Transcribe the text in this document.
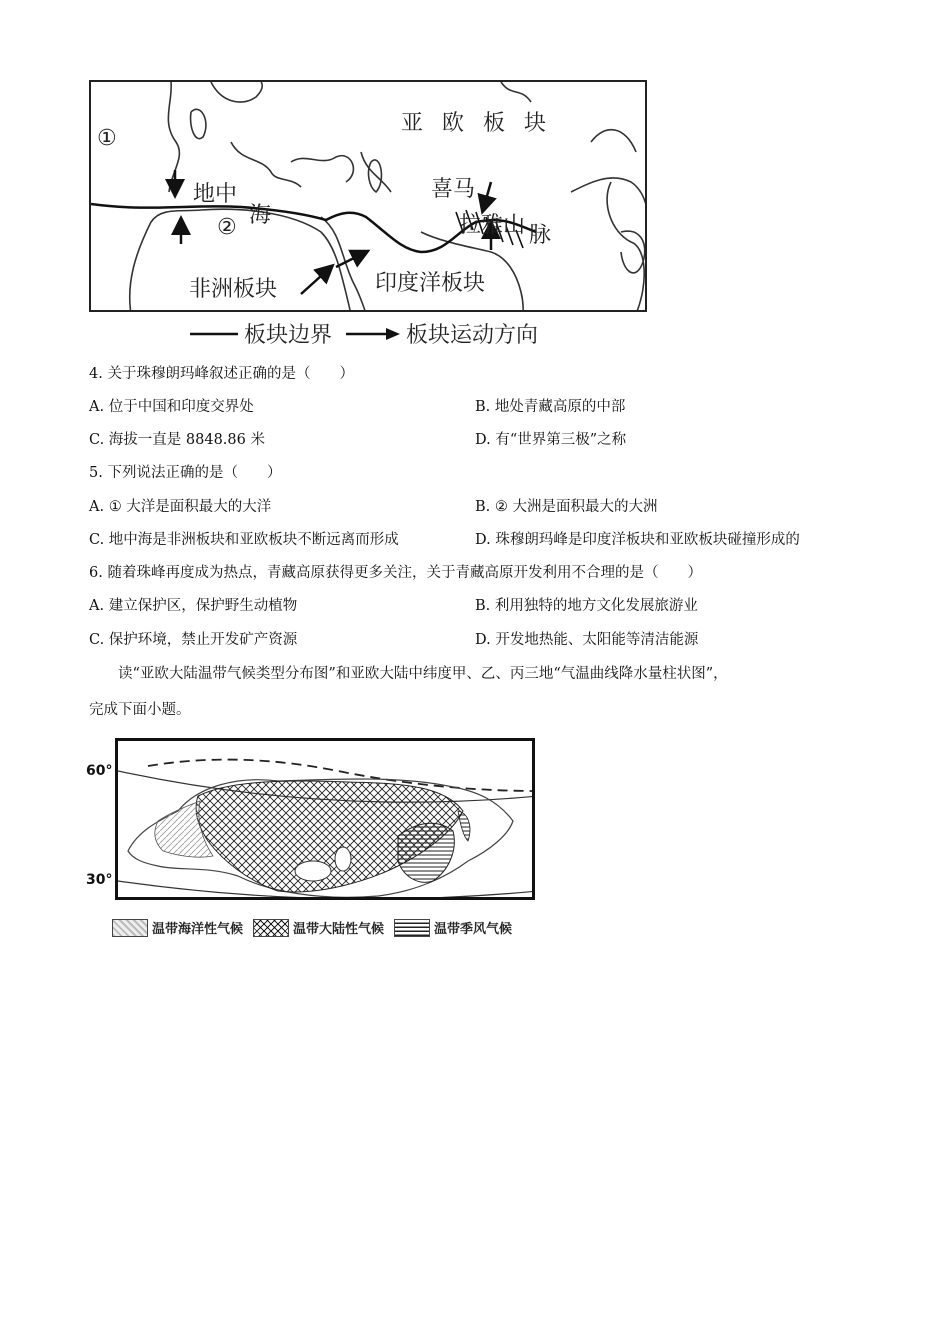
亚 欧 板 块
①
②
地中
海
喜马
拉雅山 脉
非洲板块	印度洋板块
板块边界	板块运动方向
4. 关于珠穆朗玛峰叙述正确的是（　　）
A. 位于中国和印度交界处	B. 地处青藏高原的中部
C. 海拔一直是 8848.86 米	D. 有“世界第三极”之称
5. 下列说法正确的是（　　）
A. ① 大洋是面积最大的大洋	B. ② 大洲是面积最大的大洲
C. 地中海是非洲板块和亚欧板块不断远离而形成	D. 珠穆朗玛峰是印度洋板块和亚欧板块碰撞形成的
6. 随着珠峰再度成为热点，青藏高原获得更多关注，关于青藏高原开发利用不合理的是（　　）
A. 建立保护区，保护野生动植物	B. 利用独特的地方文化发展旅游业
C. 保护环境，禁止开发矿产资源	D. 开发地热能、太阳能等清洁能源
读“亚欧大陆温带气候类型分布图”和亚欧大陆中纬度甲、乙、丙三地“气温曲线降水量柱状图”，
完成下面小题。
60°
30°
温带海洋性气候	温带大陆性气候	温带季风气候
